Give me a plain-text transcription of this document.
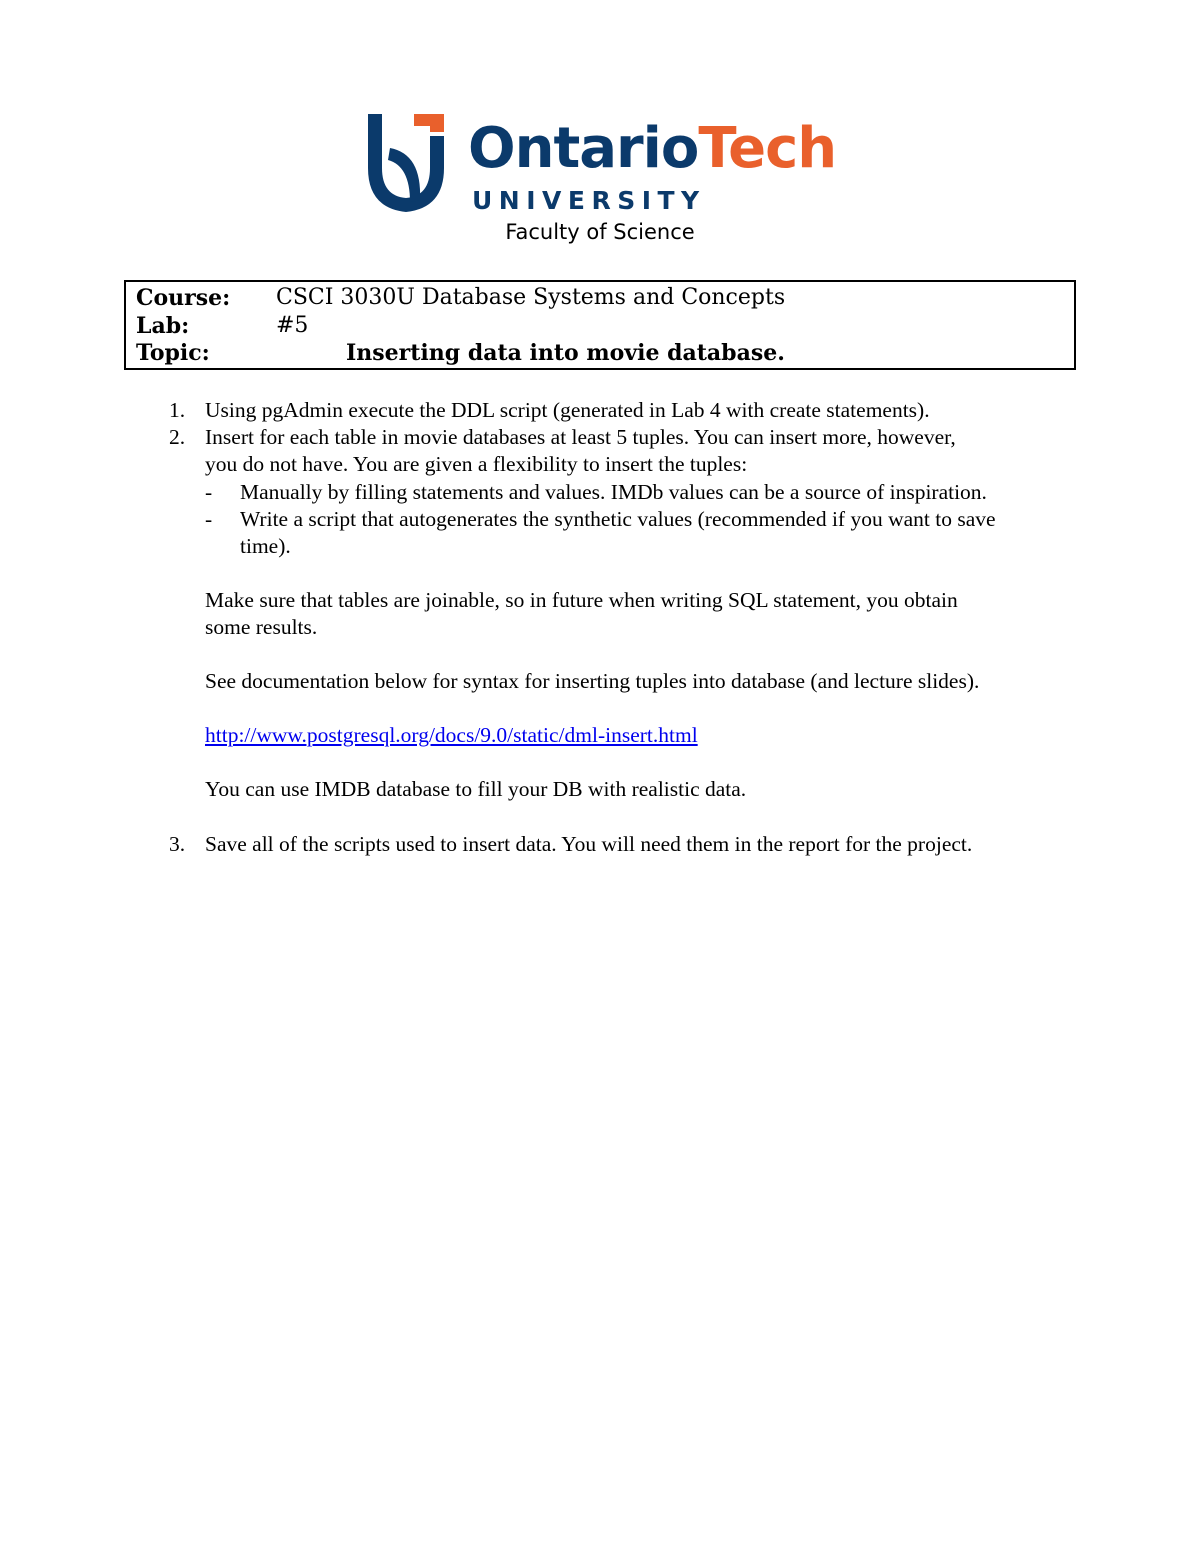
OntarioTech
UNIVERSITY
Faculty of Science
Course: CSCI 3030U Database Systems and Concepts
Lab:	#5
Topic:	Inserting data into movie database.
1. Using pgAdmin execute the DDL script (generated in Lab 4 with create statements).
2. Insert for each table in movie databases at least 5 tuples. You can insert more, however,
you do not have. You are given a flexibility to insert the tuples:
- Manually by filling statements and values. IMDb values can be a source of inspiration.
- Write a script that autogenerates the synthetic values (recommended if you want to save
time).
Make sure that tables are joinable, so in future when writing SQL statement, you obtain
some results.
See documentation below for syntax for inserting tuples into database (and lecture slides).
http://www.postgresql.org/docs/9.0/static/dml-insert.html
You can use IMDB database to fill your DB with realistic data.
3. Save all of the scripts used to insert data. You will need them in the report for the project.
